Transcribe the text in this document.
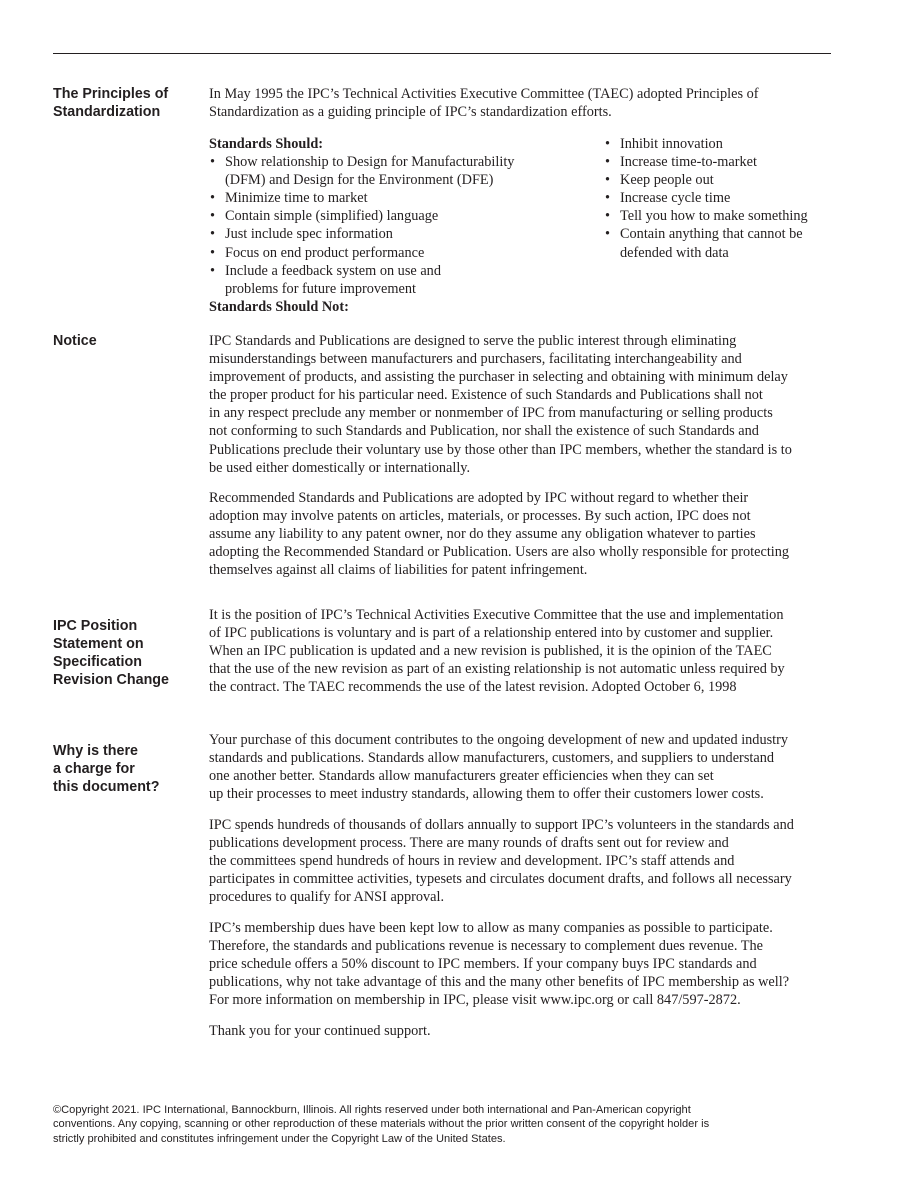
The Principles of
Standardization
In May 1995 the IPC’s Technical Activities Executive Committee (TAEC) adopted Principles of
Standardization as a guiding principle of IPC’s standardization efforts.
Standards Should:
• Show relationship to Design for Manufacturability
(DFM) and Design for the Environment (DFE)
• Minimize time to market
• Contain simple (simplified) language
• Just include spec information
• Focus on end product performance
• Include a feedback system on use and
problems for future improvement
Standards Should Not:
• Inhibit innovation
• Increase time-to-market
• Keep people out
• Increase cycle time
• Tell you how to make something
• Contain anything that cannot be
defended with data
Notice	IPC Standards and Publications are designed to serve the public interest through eliminating
misunderstandings between manufacturers and purchasers, facilitating interchangeability and
improvement of products, and assisting the purchaser in selecting and obtaining with minimum delay
the proper product for his particular need. Existence of such Standards and Publications shall not
in any respect preclude any member or nonmember of IPC from manufacturing or selling products
not conforming to such Standards and Publication, nor shall the existence of such Standards and
Publications preclude their voluntary use by those other than IPC members, whether the standard is to
be used either domestically or internationally.
Recommended Standards and Publications are adopted by IPC without regard to whether their
adoption may involve patents on articles, materials, or processes. By such action, IPC does not
assume any liability to any patent owner, nor do they assume any obligation whatever to parties
adopting the Recommended Standard or Publication. Users are also wholly responsible for protecting
themselves against all claims of liabilities for patent infringement.
IPC Position
Statement on
Specification
Revision Change
It is the position of IPC’s Technical Activities Executive Committee that the use and implementation
of IPC publications is voluntary and is part of a relationship entered into by customer and supplier.
When an IPC publication is updated and a new revision is published, it is the opinion of the TAEC
that the use of the new revision as part of an existing relationship is not automatic unless required by
the contract. The TAEC recommends the use of the latest revision. Adopted October 6, 1998
Why is there
a charge for
this document?
Your purchase of this document contributes to the ongoing development of new and updated industry
standards and publications. Standards allow manufacturers, customers, and suppliers to understand
one another better. Standards allow manufacturers greater efficiencies when they can set
up their processes to meet industry standards, allowing them to offer their customers lower costs.
IPC spends hundreds of thousands of dollars annually to support IPC’s volunteers in the standards and
publications development process. There are many rounds of drafts sent out for review and
the committees spend hundreds of hours in review and development. IPC’s staff attends and
participates in committee activities, typesets and circulates document drafts, and follows all necessary
procedures to qualify for ANSI approval.
IPC’s membership dues have been kept low to allow as many companies as possible to participate.
Therefore, the standards and publications revenue is necessary to complement dues revenue. The
price schedule offers a 50% discount to IPC members. If your company buys IPC standards and
publications, why not take advantage of this and the many other benefits of IPC membership as well?
For more information on membership in IPC, please visit www.ipc.org or call 847/597-2872.
Thank you for your continued support.
©Copyright 2021. IPC International, Bannockburn, Illinois. All rights reserved under both international and Pan-American copyright
conventions. Any copying, scanning or other reproduction of these materials without the prior written consent of the copyright holder is
strictly prohibited and constitutes infringement under the Copyright Law of the United States.
